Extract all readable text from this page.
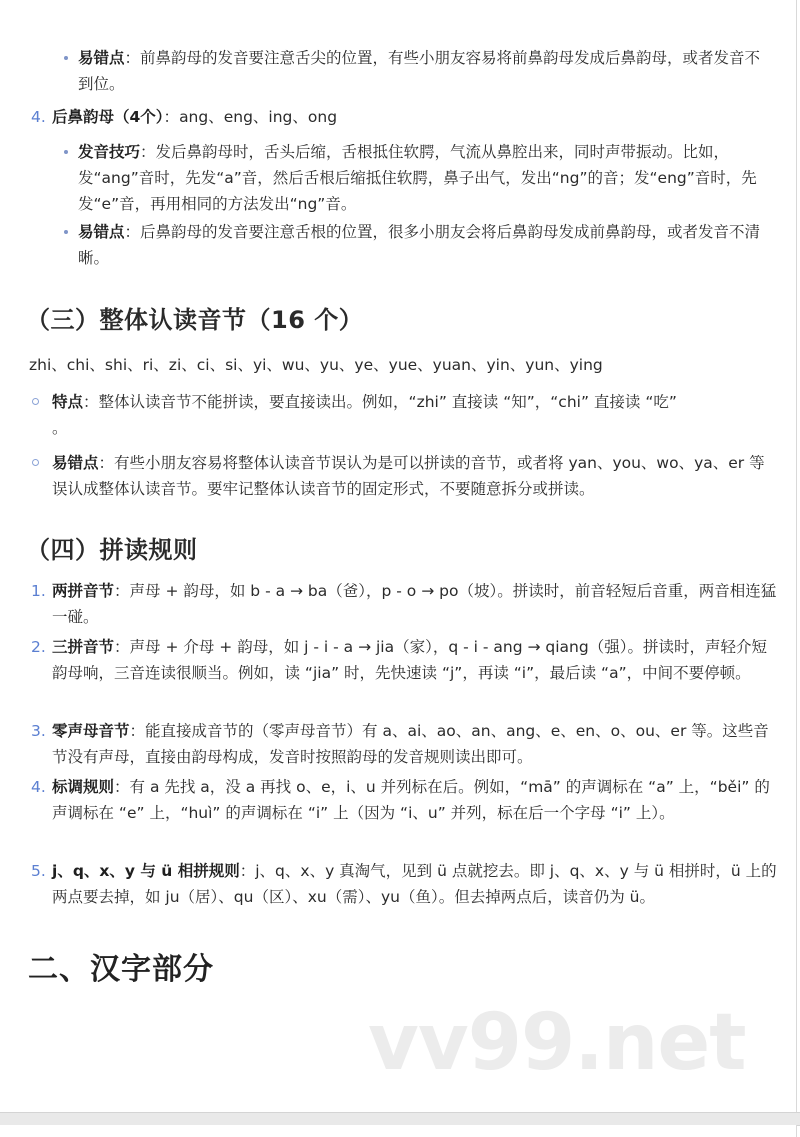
易错点：前鼻韵母的发音要注意舌尖的位置，有些小朋友容易将前鼻韵母发成后鼻韵母，或者发音不到位。
4. 后鼻韵母（4个）：ang、eng、ing、ong
发音技巧：发后鼻韵母时，舌头后缩，舌根抵住软腭，气流从鼻腔出来，同时声带振动。比如，发“ang”音时，先发“a”音，然后舌根后缩抵住软腭，鼻子出气，发出“ng”的音；发“eng”音时，先发“e”音，再用相同的方法发出“ng”音。
易错点：后鼻韵母的发音要注意舌根的位置，很多小朋友会将后鼻韵母发成前鼻韵母，或者发音不清晰。
（三）整体认读音节（16 个）
zhi、chi、shi、ri、zi、ci、si、yi、wu、yu、ye、yue、yuan、yin、yun、ying
特点：整体认读音节不能拼读，要直接读出。例如，“zhi” 直接读 “知”，“chi” 直接读 “吃”
。
易错点：有些小朋友容易将整体认读音节误认为是可以拼读的音节，或者将 yan、you、wo、ya、er 等误认成整体认读音节。要牢记整体认读音节的固定形式，不要随意拆分或拼读。
（四）拼读规则
1. 两拼音节：声母 + 韵母，如 b - a → ba（爸），p - o → po（坡）。拼读时，前音轻短后音重，两音相连猛一碰。
2. 三拼音节：声母 + 介母 + 韵母，如 j - i - a → jia（家），q - i - ang → qiang（强）。拼读时，声轻介短韵母响，三音连读很顺当。例如，读 “jia” 时，先快速读 “j”，再读 “i”，最后读 “a”，中间不要停顿。
3. 零声母音节：能直接成音节的（零声母音节）有 a、ai、ao、an、ang、e、en、o、ou、er 等。这些音节没有声母，直接由韵母构成，发音时按照韵母的发音规则读出即可。
4. 标调规则：有 a 先找 a，没 a 再找 o、e，i、u 并列标在后。例如，“mā” 的声调标在 “a” 上，“běi” 的声调标在 “e” 上，“huì” 的声调标在 “i” 上（因为 “i、u” 并列，标在后一个字母 “i” 上）。
5. j、q、x、y 与 ü 相拼规则：j、q、x、y 真淘气，见到 ü 点就挖去。即 j、q、x、y 与 ü 相拼时，ü 上的两点要去掉，如 ju（居）、qu（区）、xu（需）、yu（鱼）。但去掉两点后，读音仍为 ü。
二、汉字部分
vv99.net
